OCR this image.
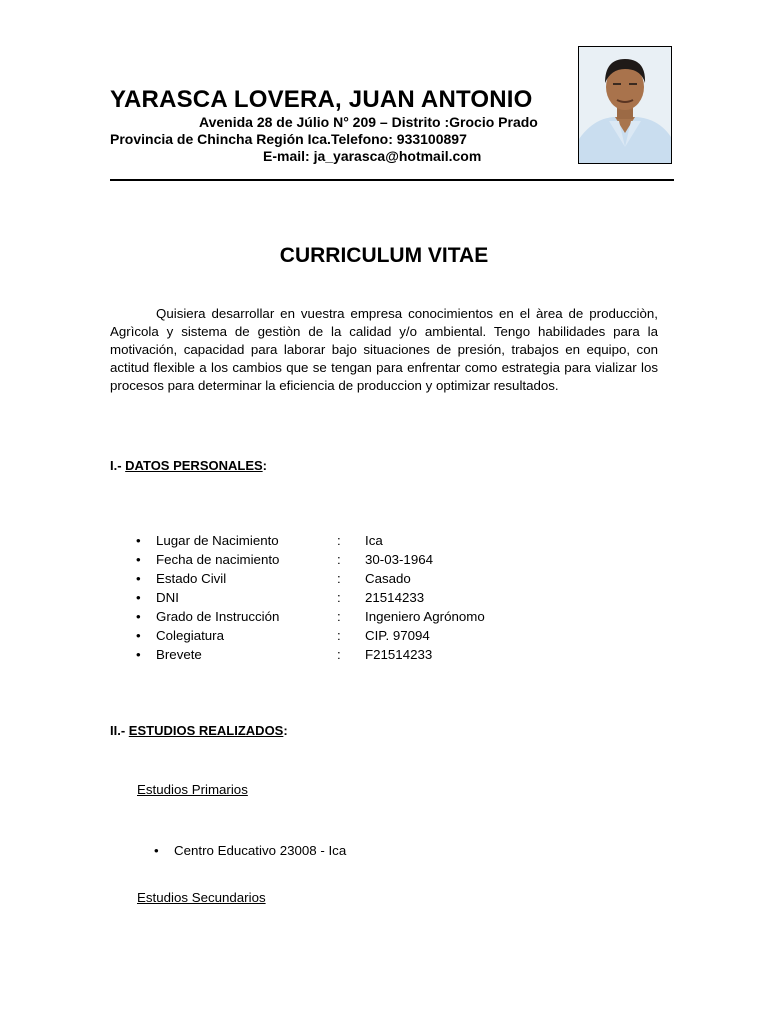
YARASCA LOVERA, JUAN ANTONIO
Avenida 28 de Júlio N° 209 – Distrito :Grocio Prado
Provincia de Chincha Región Ica.Telefono: 933100897
E-mail: ja_yarasca@hotmail.com
CURRICULUM VITAE
Quisiera desarrollar en vuestra empresa conocimientos en el àrea de producciòn, Agrìcola y sistema de gestiòn de la calidad y/o ambiental. Tengo habilidades para la motivación, capacidad para laborar bajo situaciones de presión, trabajos en equipo, con actitud flexible a los cambios que se tengan para enfrentar como estrategia para vializar los procesos para determinar la eficiencia de produccion y optimizar resultados.
I.- DATOS PERSONALES:
• Lugar de Nacimiento	: Ica
• Fecha de nacimiento	: 30-03-1964
• Estado Civil	: Casado
• DNI	: 21514233
• Grado de Instrucción	: Ingeniero Agrónomo
• Colegiatura	: CIP. 97094
• Brevete	: F21514233
II.- ESTUDIOS REALIZADOS:
Estudios Primarios
• Centro Educativo 23008 - Ica
Estudios Secundarios
